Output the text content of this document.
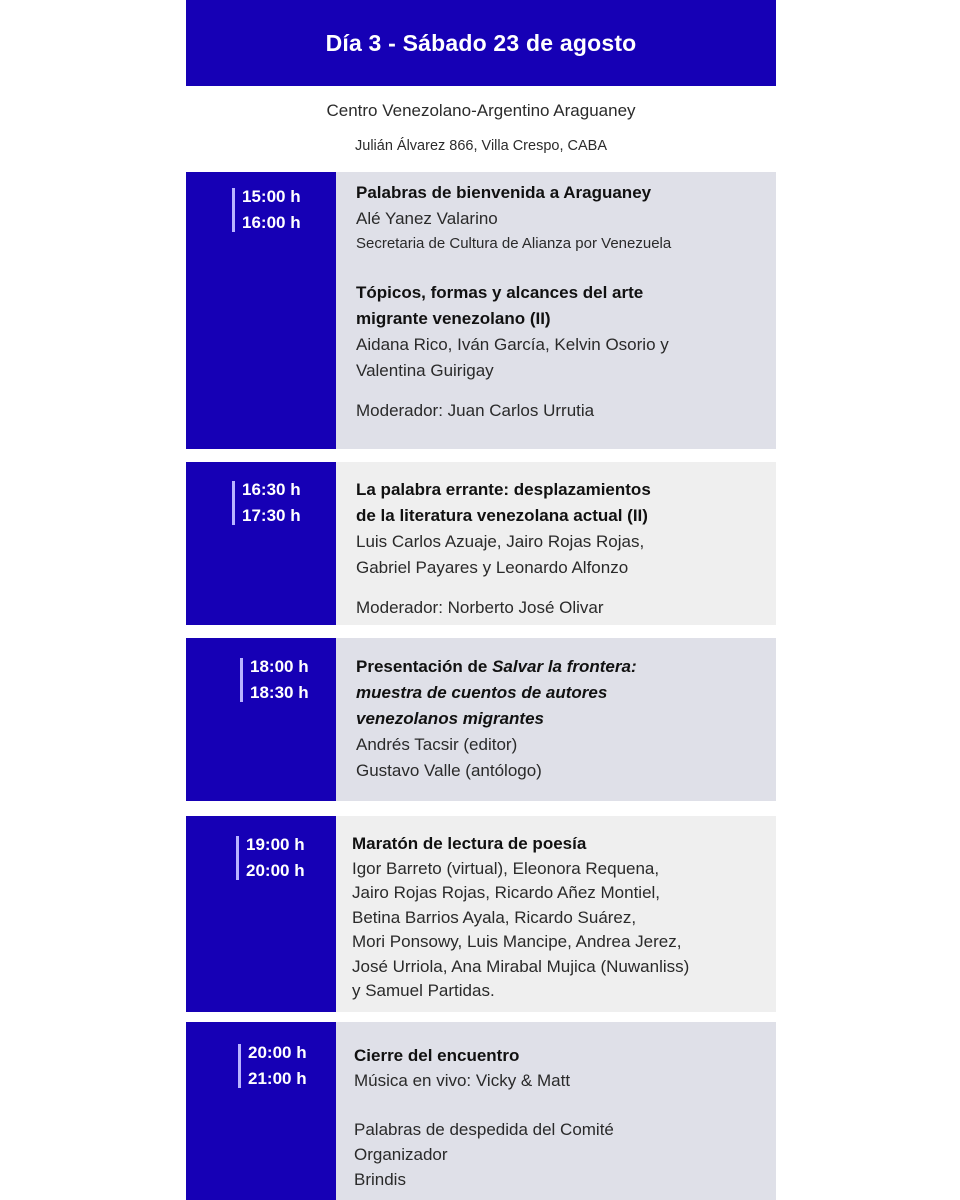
Día 3 - Sábado 23 de agosto
Centro Venezolano-Argentino Araguaney
Julián Álvarez 866, Villa Crespo, CABA
15:00 h
16:00 h
Palabras de bienvenida a Araguaney
Alé Yanez Valarino
Secretaria de Cultura de Alianza por Venezuela
Tópicos, formas y alcances del arte
migrante venezolano (II)
Aidana Rico, Iván García, Kelvin Osorio y
Valentina Guirigay
Moderador: Juan Carlos Urrutia
16:30 h
17:30 h
La palabra errante: desplazamientos
de la literatura venezolana actual (II)
Luis Carlos Azuaje, Jairo Rojas Rojas,
Gabriel Payares y Leonardo Alfonzo
Moderador: Norberto José Olivar
18:00 h
18:30 h
Presentación de Salvar la frontera:
muestra de cuentos de autores
venezolanos migrantes
Andrés Tacsir (editor)
Gustavo Valle (antólogo)
19:00 h
20:00 h
Maratón de lectura de poesía
Igor Barreto (virtual), Eleonora Requena,
Jairo Rojas Rojas, Ricardo Añez Montiel,
Betina Barrios Ayala, Ricardo Suárez,
Mori Ponsowy, Luis Mancipe, Andrea Jerez,
José Urriola, Ana Mirabal Mujica (Nuwanliss)
y Samuel Partidas.
20:00 h
21:00 h
Cierre del encuentro
Música en vivo: Vicky & Matt
Palabras de despedida del Comité
Organizador
Brindis
